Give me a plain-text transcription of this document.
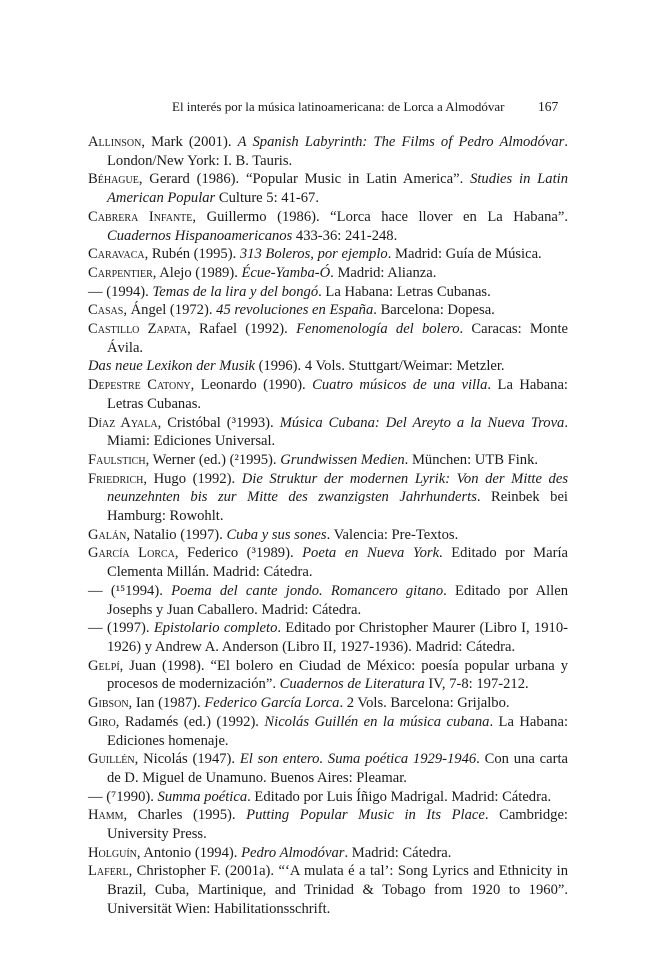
El interés por la música latinoamericana: de Lorca a Almodóvar 167

Allinson, Mark (2001). A Spanish Labyrinth: The Films of Pedro Almodóvar. London/New York: I. B. Tauris.

Béhague, Gerard (1986). “Popular Music in Latin America”. Studies in Latin American Popular Culture 5: 41-67.

Cabrera Infante, Guillermo (1986). “Lorca hace llover en La Habana”. Cuadernos Hispanoamericanos 433-36: 241-248.

Caravaca, Rubén (1995). 313 Boleros, por ejemplo. Madrid: Guía de Música.

Carpentier, Alejo (1989). Écue-Yamba-Ó. Madrid: Alianza.

— (1994). Temas de la lira y del bongó. La Habana: Letras Cubanas.

Casas, Ángel (1972). 45 revoluciones en España. Barcelona: Dopesa.

Castillo Zapata, Rafael (1992). Fenomenología del bolero. Caracas: Monte Ávila.

Das neue Lexikon der Musik (1996). 4 Vols. Stuttgart/Weimar: Metzler.

Depestre Catony, Leonardo (1990). Cuatro músicos de una villa. La Habana: Letras Cubanas.

Díaz Ayala, Cristóbal (³1993). Música Cubana: Del Areyto a la Nueva Trova. Miami: Ediciones Universal.

Faulstich, Werner (ed.) (²1995). Grundwissen Medien. München: UTB Fink.

Friedrich, Hugo (1992). Die Struktur der modernen Lyrik: Von der Mitte des neunzehnten bis zur Mitte des zwanzigsten Jahrhunderts. Reinbek bei Hamburg: Rowohlt.

Galán, Natalio (1997). Cuba y sus sones. Valencia: Pre-Textos.

García Lorca, Federico (³1989). Poeta en Nueva York. Editado por María Clementa Millán. Madrid: Cátedra.

— (¹⁵1994). Poema del cante jondo. Romancero gitano. Editado por Allen Josephs y Juan Caballero. Madrid: Cátedra.

— (1997). Epistolario completo. Editado por Christopher Maurer (Libro I, 1910-1926) y Andrew A. Anderson (Libro II, 1927-1936). Madrid: Cátedra.

Gelpí, Juan (1998). “El bolero en Ciudad de México: poesía popular urbana y procesos de modernización”. Cuadernos de Literatura IV, 7-8: 197-212.

Gibson, Ian (1987). Federico García Lorca. 2 Vols. Barcelona: Grijalbo.

Giro, Radamés (ed.) (1992). Nicolás Guillén en la música cubana. La Habana: Ediciones homenaje.

Guillén, Nicolás (1947). El son entero. Suma poética 1929-1946. Con una carta de D. Miguel de Unamuno. Buenos Aires: Pleamar.

— (⁷1990). Summa poética. Editado por Luis Íñigo Madrigal. Madrid: Cátedra.

Hamm, Charles (1995). Putting Popular Music in Its Place. Cambridge: University Press.

Holguín, Antonio (1994). Pedro Almodóvar. Madrid: Cátedra.

Laferl, Christopher F. (2001a). “‘A mulata é a tal’: Song Lyrics and Ethnicity in Brazil, Cuba, Martinique, and Trinidad & Tobago from 1920 to 1960”. Universität Wien: Habilitationsschrift.
